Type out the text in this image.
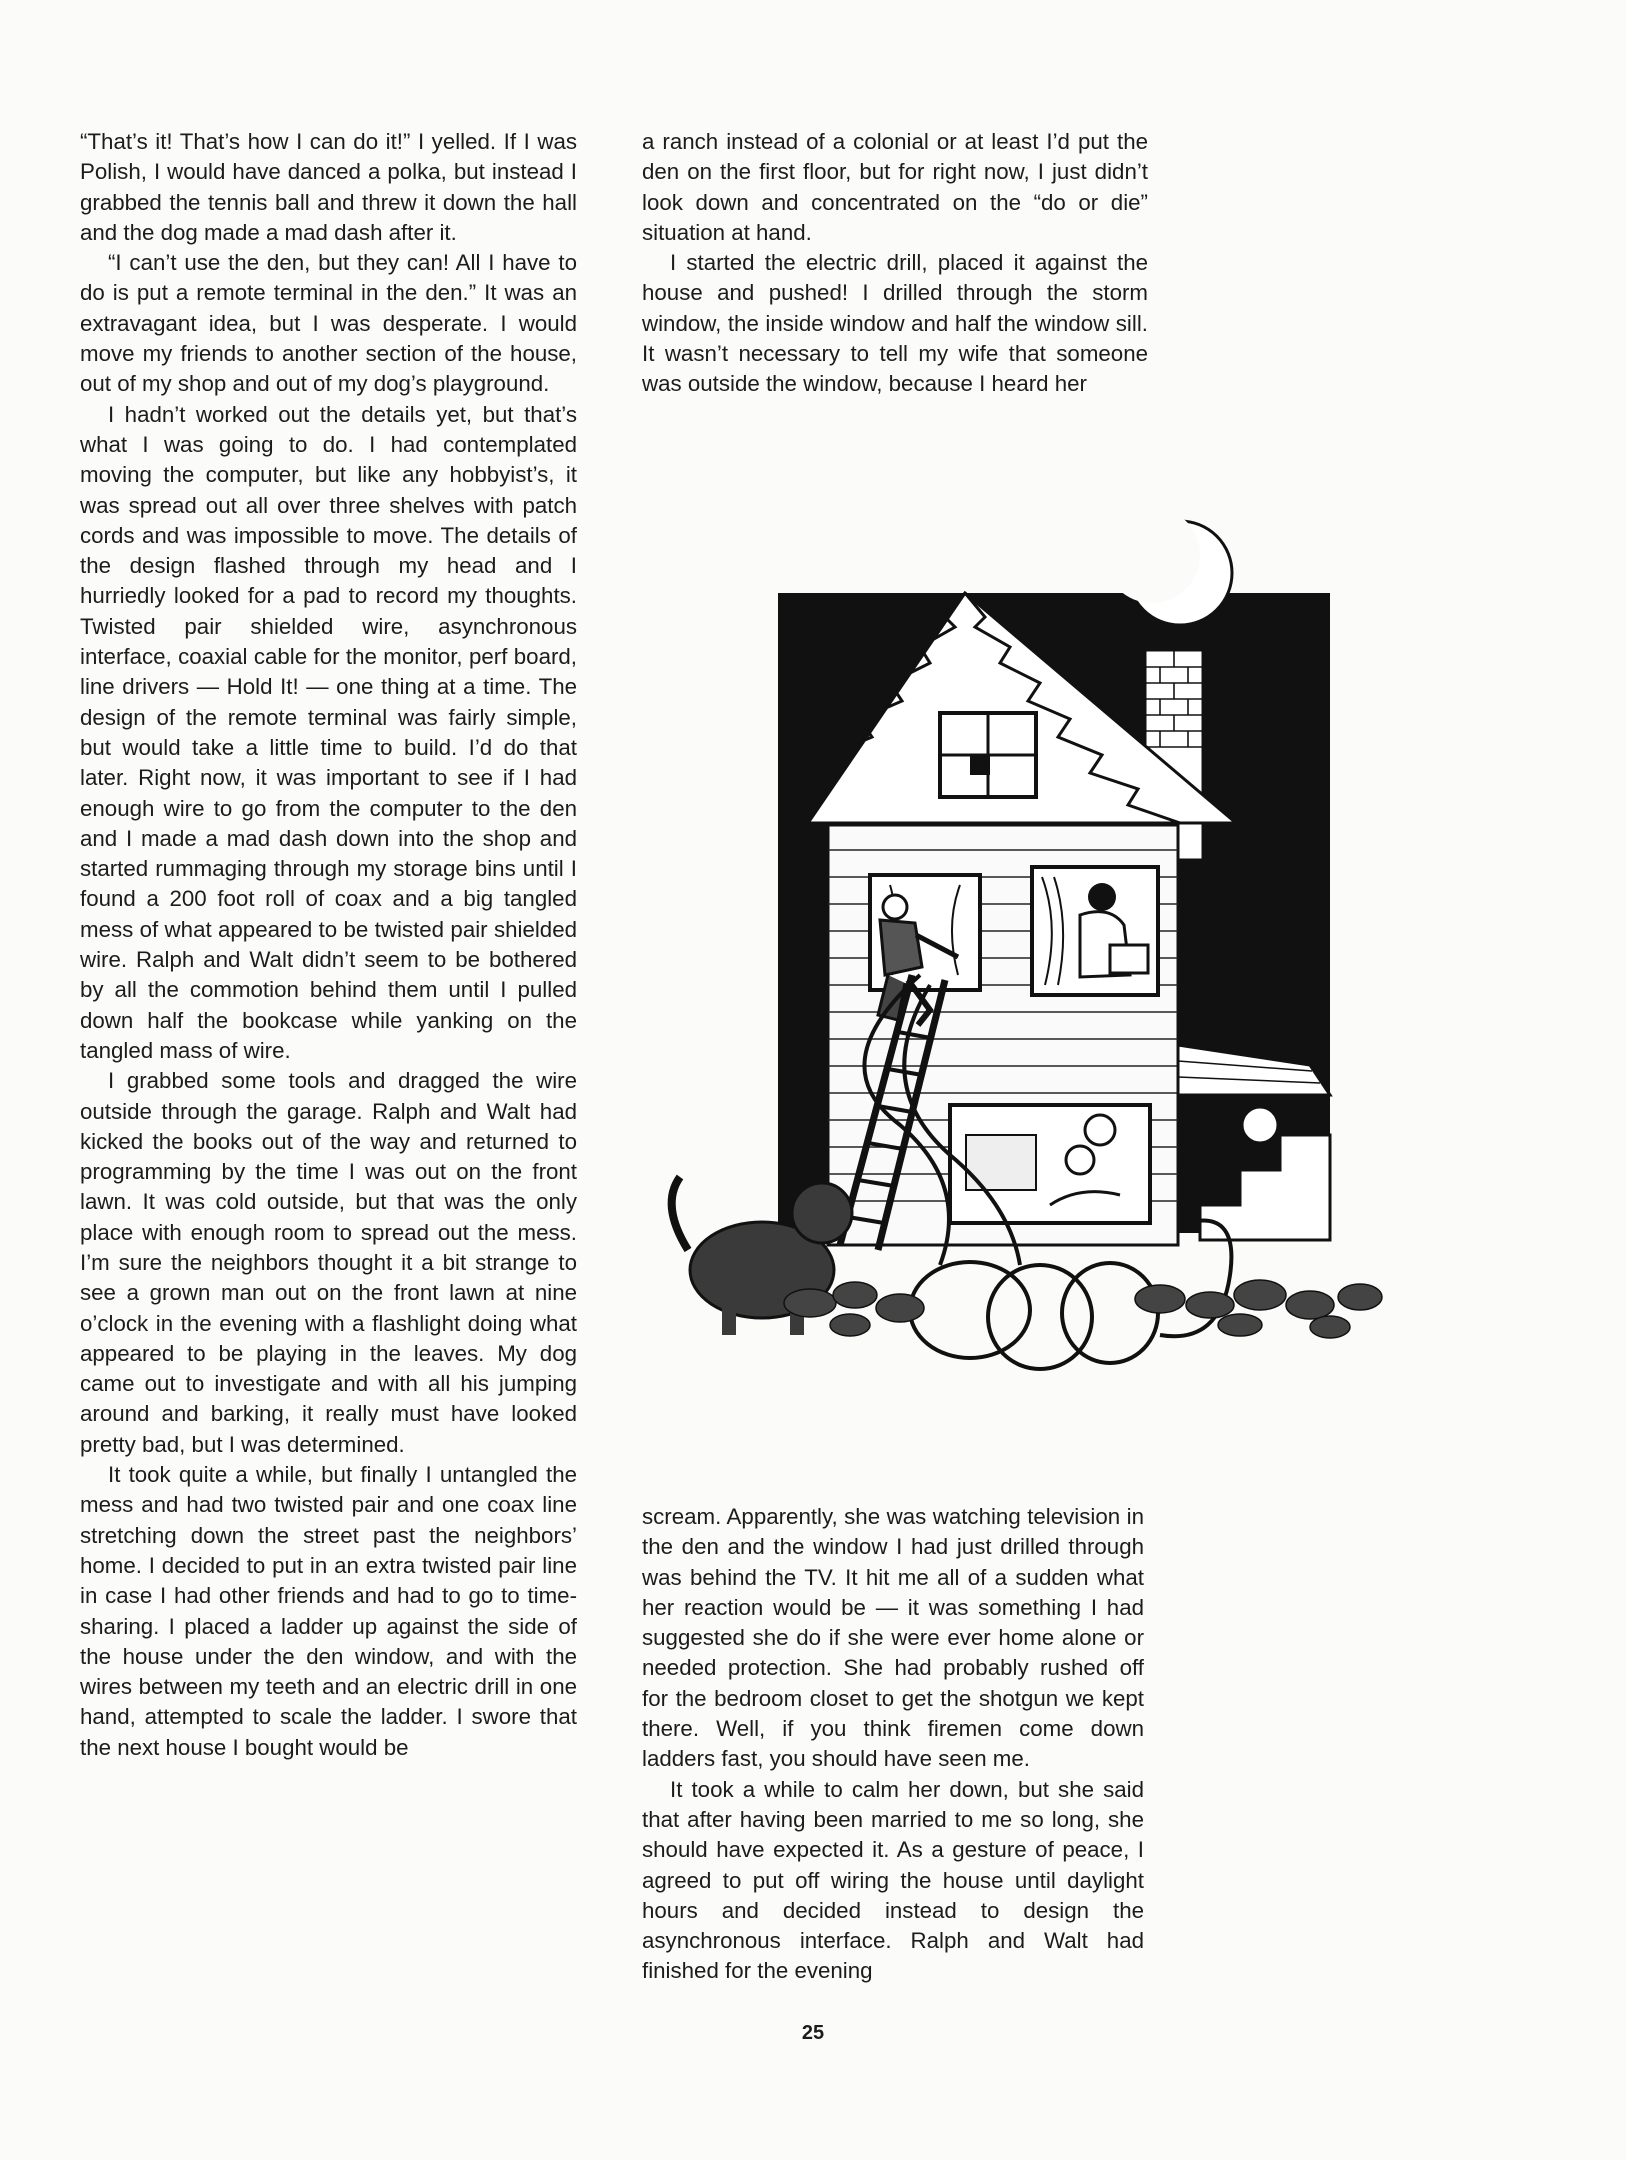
“That’s it! That’s how I can do it!” I yelled. If I was Polish, I would have danced a polka, but instead I grabbed the tennis ball and threw it down the hall and the dog made a mad dash after it.

“I can’t use the den, but they can! All I have to do is put a remote terminal in the den.” It was an extravagant idea, but I was desperate. I would move my friends to another section of the house, out of my shop and out of my dog’s playground.

I hadn’t worked out the details yet, but that’s what I was going to do. I had contemplated moving the computer, but like any hobbyist’s, it was spread out all over three shelves with patch cords and was impossible to move. The details of the design flashed through my head and I hurriedly looked for a pad to record my thoughts. Twisted pair shielded wire, asynchronous interface, coaxial cable for the monitor, perf board, line drivers — Hold It! — one thing at a time. The design of the remote terminal was fairly simple, but would take a little time to build. I’d do that later. Right now, it was important to see if I had enough wire to go from the computer to the den and I made a mad dash down into the shop and started rummaging through my storage bins until I found a 200 foot roll of coax and a big tangled mess of what appeared to be twisted pair shielded wire. Ralph and Walt didn’t seem to be bothered by all the commotion behind them until I pulled down half the bookcase while yanking on the tangled mass of wire.

I grabbed some tools and dragged the wire outside through the garage. Ralph and Walt had kicked the books out of the way and returned to programming by the time I was out on the front lawn. It was cold outside, but that was the only place with enough room to spread out the mess. I’m sure the neighbors thought it a bit strange to see a grown man out on the front lawn at nine o’clock in the evening with a flashlight doing what appeared to be playing in the leaves. My dog came out to investigate and with all his jumping around and barking, it really must have looked pretty bad, but I was determined.

It took quite a while, but finally I untangled the mess and had two twisted pair and one coax line stretching down the street past the neighbors’ home. I decided to put in an extra twisted pair line in case I had other friends and had to go to time-sharing. I placed a ladder up against the side of the house under the den window, and with the wires between my teeth and an electric drill in one hand, attempted to scale the ladder. I swore that the next house I bought would be

a ranch instead of a colonial or at least I’d put the den on the first floor, but for right now, I just didn’t look down and concentrated on the “do or die” situation at hand.

I started the electric drill, placed it against the house and pushed! I drilled through the storm window, the inside window and half the window sill. It wasn’t necessary to tell my wife that someone was outside the window, because I heard her

scream. Apparently, she was watching television in the den and the window I had just drilled through was behind the TV. It hit me all of a sudden what her reaction would be — it was something I had suggested she do if she were ever home alone or needed protection. She had probably rushed off for the bedroom closet to get the shotgun we kept there. Well, if you think firemen come down ladders fast, you should have seen me.

It took a while to calm her down, but she said that after having been married to me so long, she should have expected it. As a gesture of peace, I agreed to put off wiring the house until daylight hours and decided instead to design the asynchronous interface. Ralph and Walt had finished for the evening

25
